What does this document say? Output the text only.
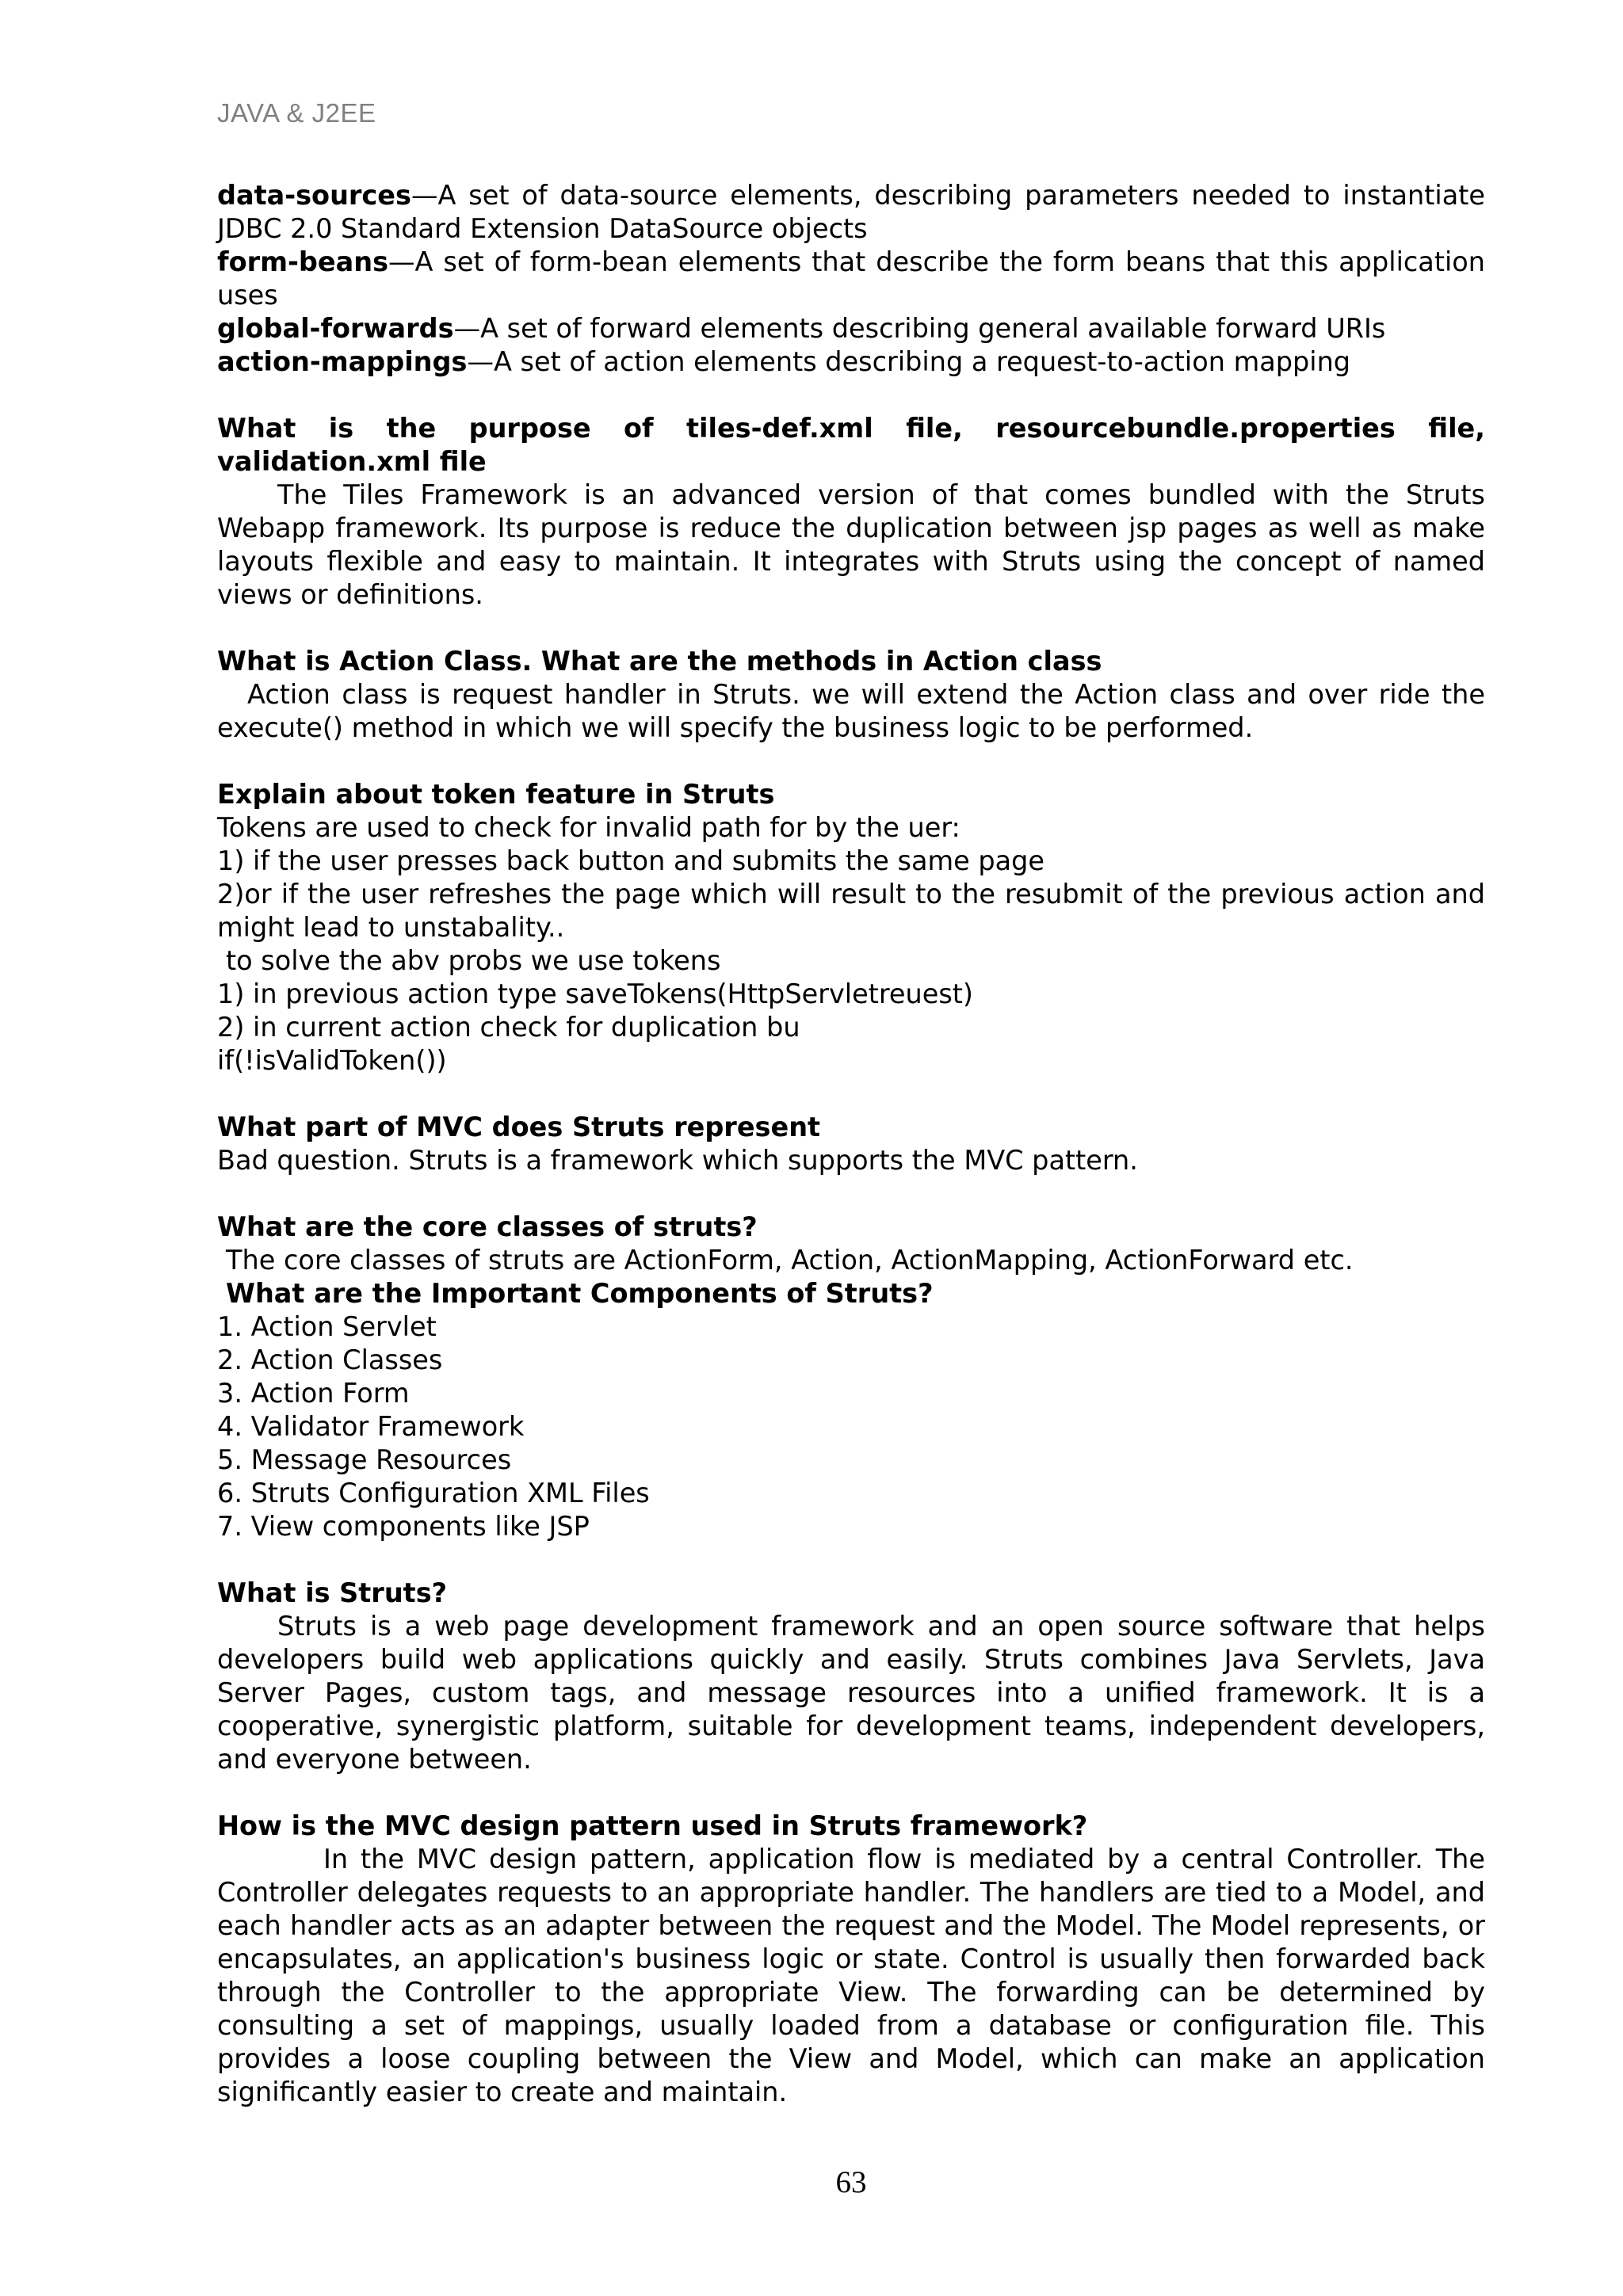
JAVA & J2EE

data-sources—A set of data-source elements, describing parameters needed to instantiate JDBC 2.0 Standard Extension DataSource objects

form-beans—A set of form-bean elements that describe the form beans that this application uses

global-forwards—A set of forward elements describing general available forward URIs

action-mappings—A set of action elements describing a request-to-action mapping

What is the purpose of tiles-def.xml file, resourcebundle.properties file, validation.xml file

The Tiles Framework is an advanced version of that comes bundled with the Struts Webapp framework. Its purpose is reduce the duplication between jsp pages as well as make layouts flexible and easy to maintain. It integrates with Struts using the concept of named views or definitions.

What is Action Class. What are the methods in Action class

Action class is request handler in Struts. we will extend the Action class and over ride the execute() method in which we will specify the business logic to be performed.

Explain about token feature in Struts

Tokens are used to check for invalid path for by the uer:

1) if the user presses back button and submits the same page

2)or if the user refreshes the page which will result to the resubmit of the previous action and might lead to unstabality..

to solve the abv probs we use tokens

1) in previous action type saveTokens(HttpServletreuest)

2) in current action check for duplication bu

if(!isValidToken())

What part of MVC does Struts represent

Bad question. Struts is a framework which supports the MVC pattern.

What are the core classes of struts?

The core classes of struts are ActionForm, Action, ActionMapping, ActionForward etc.

What are the Important Components of Struts?

1. Action Servlet

2. Action Classes

3. Action Form

4. Validator Framework

5. Message Resources

6. Struts Configuration XML Files

7. View components like JSP

What is Struts?

Struts is a web page development framework and an open source software that helps developers build web applications quickly and easily. Struts combines Java Servlets, Java Server Pages, custom tags, and message resources into a unified framework. It is a cooperative, synergistic platform, suitable for development teams, independent developers, and everyone between.

How is the MVC design pattern used in Struts framework?

In the MVC design pattern, application flow is mediated by a central Controller. The Controller delegates requests to an appropriate handler. The handlers are tied to a Model, and each handler acts as an adapter between the request and the Model. The Model represents, or encapsulates, an application's business logic or state. Control is usually then forwarded back through the Controller to the appropriate View. The forwarding can be determined by consulting a set of mappings, usually loaded from a database or configuration file. This provides a loose coupling between the View and Model, which can make an application significantly easier to create and maintain.

63
